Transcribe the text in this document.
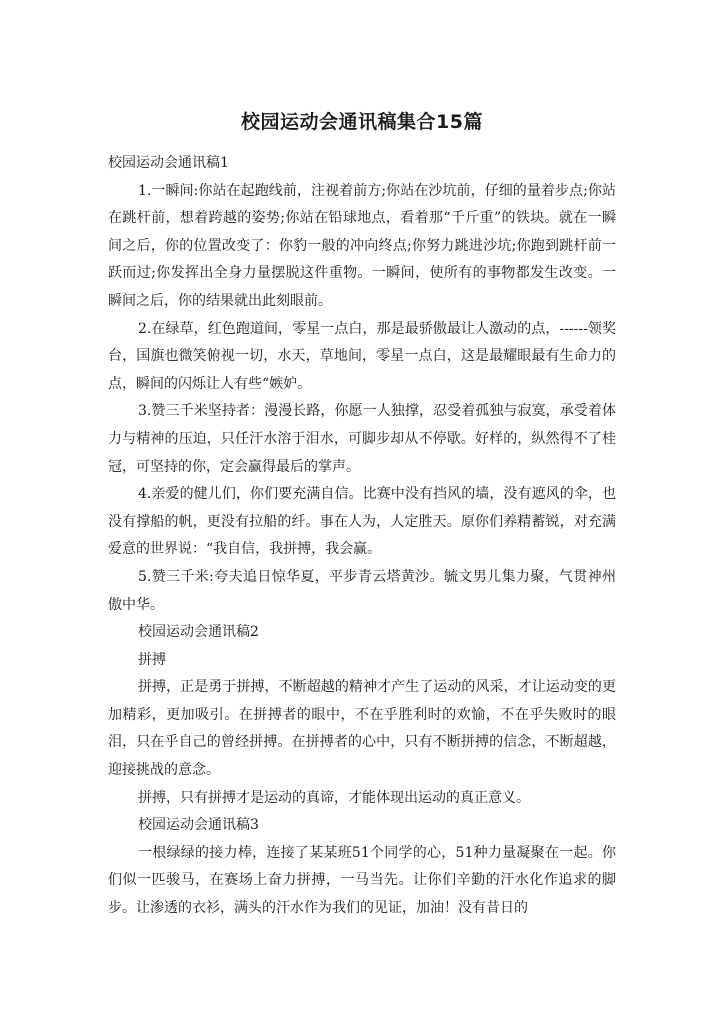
校园运动会通讯稿集合15篇

校园运动会通讯稿1

1.一瞬间:你站在起跑线前，注视着前方;你站在沙坑前，仔细的量着步点;你站在跳杆前，想着跨越的姿势;你站在铅球地点，看着那“千斤重”的铁块。就在一瞬间之后，你的位置改变了：你豹一般的冲向终点;你努力跳进沙坑;你跑到跳杆前一跃而过;你发挥出全身力量摆脱这件重物。一瞬间，使所有的事物都发生改变。一瞬间之后，你的结果就出此刻眼前。

2.在绿草，红色跑道间，零星一点白，那是最骄傲最让人激动的点，------领奖台，国旗也微笑俯视一切，水天，草地间，零星一点白，这是最耀眼最有生命力的点，瞬间的闪烁让人有些“嫉妒。

3.赞三千米坚持者：漫漫长路，你愿一人独撑，忍受着孤独与寂寞，承受着体力与精神的压迫，只任汗水溶于泪水，可脚步却从不停歇。好样的，纵然得不了桂冠，可坚持的你，定会赢得最后的掌声。

4.亲爱的健儿们，你们要充满自信。比赛中没有挡风的墙，没有遮风的伞，也没有撑船的帆，更没有拉船的纤。事在人为，人定胜天。原你们养精蓄锐，对充满爱意的世界说：“我自信，我拼搏，我会赢。

5.赞三千米:夸夫追日惊华夏，平步青云塔黄沙。毓文男儿集力聚，气贯神州傲中华。

校园运动会通讯稿2

拼搏

拼搏，正是勇于拼搏，不断超越的精神才产生了运动的风采，才让运动变的更加精彩，更加吸引。在拼搏者的眼中，不在乎胜利时的欢愉，不在乎失败时的眼泪，只在乎自己的曾经拼搏。在拼搏者的心中，只有不断拼搏的信念，不断超越，迎接挑战的意念。

拼搏，只有拼搏才是运动的真谛，才能体现出运动的真正意义。

校园运动会通讯稿3

一根绿绿的接力棒，连接了某某班51个同学的心，51种力量凝聚在一起。你们似一匹骏马，在赛场上奋力拼搏，一马当先。让你们辛勤的汗水化作追求的脚步。让渗透的衣衫，满头的汗水作为我们的见证，加油！没有昔日的
